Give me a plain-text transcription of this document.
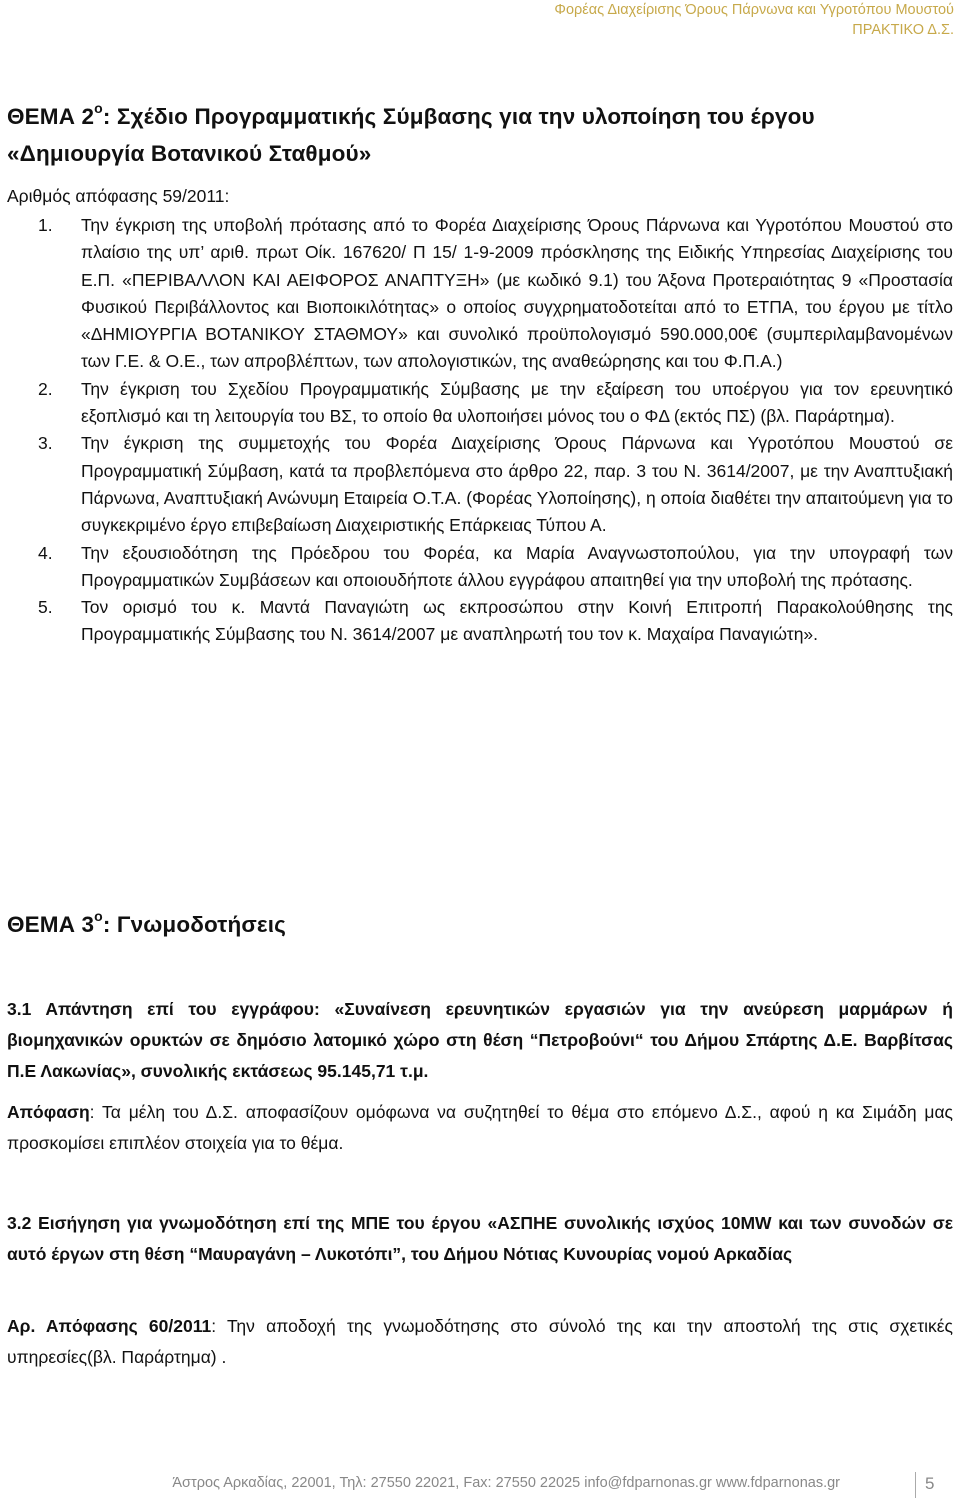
Φορέας Διαχείρισης Όρους Πάρνωνα και Υγροτόπου Μουστού
ΠΡΑΚΤΙΚΟ Δ.Σ.
ΘΕΜΑ $2^o$: Σχέδιο Προγραμματικής Σύμβασης για την υλοποίηση του έργου
«Δημιουργία Βοτανικού Σταθμού»
Αριθμός απόφασης 59/2011:
1. Την έγκριση της υποβολή πρότασης από το Φορέα Διαχείρισης Όρους Πάρνωνα και Υγροτόπου Μουστού στο πλαίσιο της υπ’ αριθ. πρωτ Οίκ. 167620/ Π 15/ 1-9-2009 πρόσκλησης της Ειδικής Υπηρεσίας Διαχείρισης του Ε.Π. «ΠΕΡΙΒΑΛΛΟΝ ΚΑΙ ΑΕΙΦΟΡΟΣ ΑΝΑΠΤΥΞΗ» (με κωδικό 9.1) του Άξονα Προτεραιότητας 9 «Προστασία Φυσικού Περιβάλλοντος και Βιοποικιλότητας» ο οποίος συγχρηματοδοτείται από το ΕΤΠΑ, του έργου με τίτλο «ΔΗΜΙΟΥΡΓΙΑ ΒΟΤΑΝΙΚΟΥ ΣΤΑΘΜΟΥ» και συνολικό προϋπολογισμό 590.000,00€ (συμπεριλαμβανομένων των Γ.Ε. & Ο.Ε., των απροβλέπτων, των απολογιστικών, της αναθεώρησης και του Φ.Π.Α.)
2. Την έγκριση του Σχεδίου Προγραμματικής Σύμβασης με την εξαίρεση του υποέργου για τον ερευνητικό εξοπλισμό και τη λειτουργία του ΒΣ, το οποίο θα υλοποιήσει μόνος του ο ΦΔ (εκτός ΠΣ) (βλ. Παράρτημα).
3. Την έγκριση της συμμετοχής του Φορέα Διαχείρισης Όρους Πάρνωνα και Υγροτόπου Μουστού σε Προγραμματική Σύμβαση, κατά τα προβλεπόμενα στο άρθρο 22, παρ. 3 του Ν. 3614/2007, με την Αναπτυξιακή Πάρνωνα, Αναπτυξιακή Ανώνυμη Εταιρεία Ο.Τ.Α. (Φορέας Υλοποίησης), η οποία διαθέτει την απαιτούμενη για το συγκεκριμένο έργο επιβεβαίωση Διαχειριστικής Επάρκειας Τύπου Α.
4. Την εξουσιοδότηση της Πρόεδρου του Φορέα, κα Μαρία Αναγνωστοπούλου, για την υπογραφή των Προγραμματικών Συμβάσεων και οποιουδήποτε άλλου εγγράφου απαιτηθεί για την υποβολή της πρότασης.
5. Τον ορισμό του κ. Μαντά Παναγιώτη ως εκπροσώπου στην Κοινή Επιτροπή Παρακολούθησης της Προγραμματικής Σύμβασης του Ν. 3614/2007 με αναπληρωτή του τον κ. Μαχαίρα Παναγιώτη».
ΘΕΜΑ $3^o$: Γνωμοδοτήσεις
3.1 Απάντηση επί του εγγράφου: «Συναίνεση ερευνητικών εργασιών για την ανεύρεση μαρμάρων ή βιομηχανικών ορυκτών σε δημόσιο λατομικό χώρο στη θέση “Πετροβούνι“ του Δήμου Σπάρτης Δ.Ε. Βαρβίτσας Π.Ε Λακωνίας», συνολικής εκτάσεως 95.145,71 τ.μ.
Απόφαση: Τα μέλη του Δ.Σ. αποφασίζουν ομόφωνα να συζητηθεί το θέμα στο επόμενο Δ.Σ., αφού η κα Σιμάδη μας προσκομίσει επιπλέον στοιχεία για το θέμα.
3.2 Εισήγηση για γνωμοδότηση επί της ΜΠΕ του έργου «ΑΣΠΗΕ συνολικής ισχύος 10MW και των συνοδών σε αυτό έργων στη θέση “Μαυραγάνη – Λυκοτόπι”, του Δήμου Νότιας Κυνουρίας νομού Αρκαδίας
Αρ. Απόφασης 60/2011: Την αποδοχή της γνωμοδότησης στο σύνολό της και την αποστολή της στις σχετικές υπηρεσίες(βλ. Παράρτημα) .
Άστρος Αρκαδίας, 22001, Τηλ: 27550 22021, Fax: 27550 22025 info@fdparnonas.gr www.fdparnonas.gr	5
